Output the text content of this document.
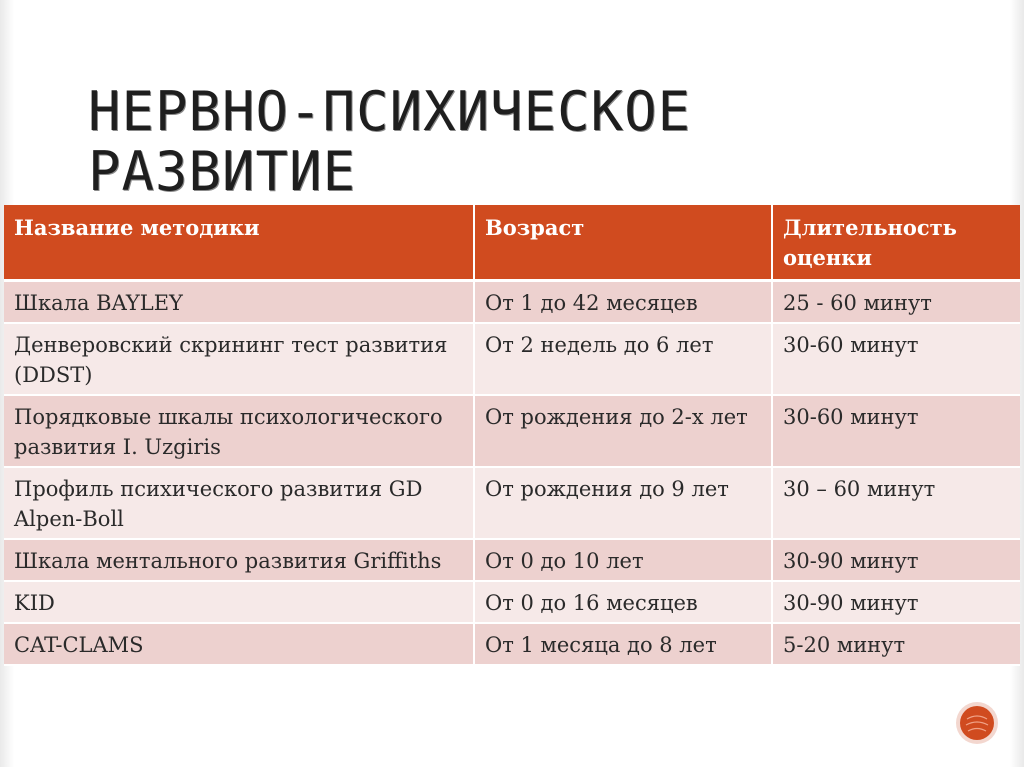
НЕРВНО-ПСИХИЧЕСКОЕ
РАЗВИТИЕ
Название методики	Возраст	Длительность оценки
Шкала BAYLEY	От 1 до 42 месяцев	25 - 60 минут
Денверовский скрининг тест развития (DDST)	От 2 недель до 6 лет	30-60 минут
Порядковые шкалы психологического развития I. Uzgiris	От рождения до 2-х лет	30-60 минут
Профиль психического развития GD Alpen-Boll	От рождения до 9 лет	30 – 60 минут
Шкала ментального развития Griffiths	От 0 до 10 лет	30-90 минут
KID	От 0 до 16 месяцев	30-90 минут
CAT-CLAMS	От 1 месяца до 8 лет	5-20 минут
